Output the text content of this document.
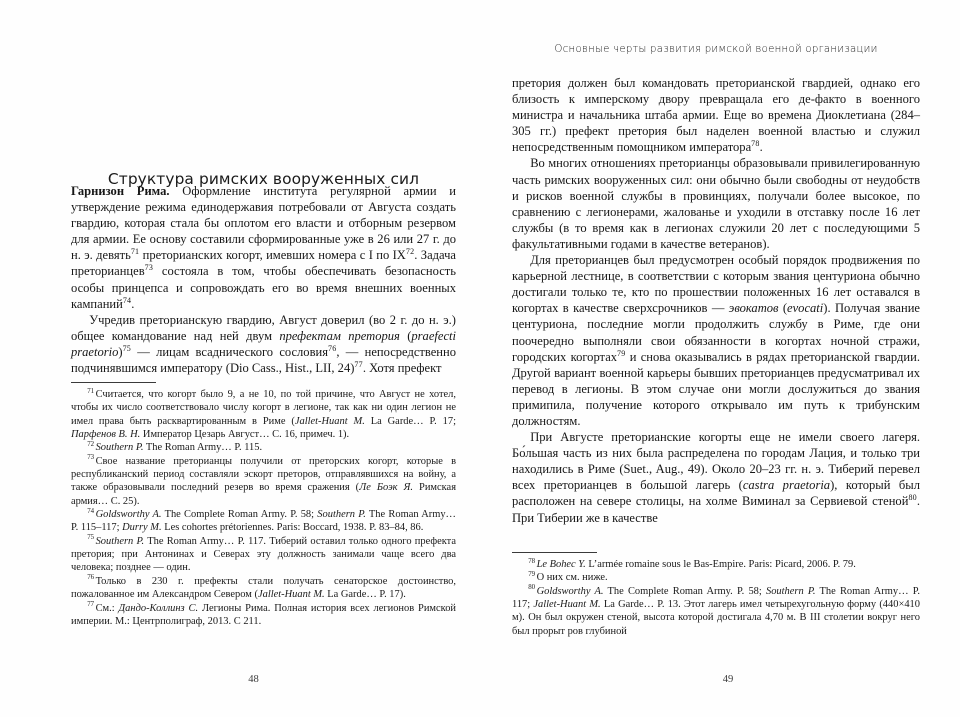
Структура римских вооруженных сил

Гарнизон Рима. Оформление института регулярной армии и утверждение режима единодержавия потребовали от Августа создать гвардию, которая стала бы оплотом его власти и отборным резервом для армии. Ее основу составили сформированные уже в 26 или 27 г. до н. э. девять$^{71}$ преторианских когорт, имевших номера с I по IX$^{72}$. Задача преторианцев$^{73}$ состояла в том, чтобы обеспечивать безопасность особы принцепса и сопровождать его во время внешних военных кампаний$^{74}$.

Учредив преторианскую гвардию, Август доверил (во 2 г. до н. э.) общее командование над ней двум префектам претория (praefecti praetorio)$^{75}$ — лицам всаднического сословия$^{76}$, — непосредственно подчинявшимся императору (Dio Cass., Hist., LII, 24)$^{77}$. Хотя префект

$^{71}$ Считается, что когорт было 9, а не 10, по той причине, что Август не хотел, чтобы их число соответствовало числу когорт в легионе, так как ни один легион не имел права быть расквартированным в Риме (Jallet-Huant M. La Garde… P. 17; Парфенов В. Н. Император Цезарь Август… С. 16, примеч. 1).

$^{72}$ Southern P. The Roman Army… P. 115.

$^{73}$ Свое название преторианцы получили от преторских когорт, которые в республиканский период составляли эскорт преторов, отправлявшихся на войну, а также образовывали последний резерв во время сражения (Ле Боэк Я. Римская армия… С. 25).

$^{74}$ Goldsworthy A. The Complete Roman Army. P. 58; Southern P. The Roman Army… P. 115–117; Durry M. Les cohortes prétoriennes. Paris: Boccard, 1938. P. 83–84, 86.

$^{75}$ Southern P. The Roman Army… P. 117. Тиберий оставил только одного префекта претория; при Антонинах и Северах эту должность занимали чаще всего два человека; позднее — один.

$^{76}$ Только в 230 г. префекты стали получать сенаторское достоинство, пожалованное им Александром Севером (Jallet-Huant M. La Garde… P. 17).

$^{77}$ См.: Дандо-Коллинз С. Легионы Рима. Полная история всех легионов Римской империи. М.: Центрполиграф, 2013. С 211.

48
Основные черты развития римской военной организации

претория должен был командовать преторианской гвардией, однако его близость к имперскому двору превращала его де-факто в военного министра и начальника штаба армии. Еще во времена Диоклетиана (284–305 гг.) префект претория был наделен военной властью и служил непосредственным помощником императора$^{78}$.

Во многих отношениях преторианцы образовывали привилегированную часть римских вооруженных сил: они обычно были свободны от неудобств и рисков военной службы в провинциях, получали более высокое, по сравнению с легионерами, жалованье и уходили в отставку после 16 лет службы (в то время как в легионах служили 20 лет с последующими 5 факультативными годами в качестве ветеранов).

Для преторианцев был предусмотрен особый порядок продвижения по карьерной лестнице, в соответствии с которым звания центуриона обычно достигали только те, кто по прошествии положенных 16 лет оставался в когортах в качестве сверхсрочников — эвокатов (evocati). Получая звание центуриона, последние могли продолжить службу в Риме, где они поочередно выполняли свои обязанности в когортах ночной стражи, городских когортах$^{79}$ и снова оказывались в рядах преторианской гвардии. Другой вариант военной карьеры бывших преторианцев предусматривал их перевод в легионы. В этом случае они могли дослужиться до звания примипила, получение которого открывало им путь к трибунским должностям.

При Августе преторианские когорты еще не имели своего лагеря. Бо́льшая часть из них была распределена по городам Лация, и только три находились в Риме (Suet., Aug., 49). Около 20–23 гг. н. э. Тиберий перевел всех преторианцев в большой лагерь (castra praetoria), который был расположен на севере столицы, на холме Виминал за Сервиевой стеной$^{80}$. При Тиберии же в качестве

$^{78}$ Le Bohec Y. L’armée romaine sous le Bas-Empire. Paris: Picard, 2006. P. 79.

$^{79}$ О них см. ниже.

$^{80}$ Goldsworthy A. The Complete Roman Army. P. 58; Southern P. The Roman Army… P. 117; Jallet-Huant M. La Garde… P. 13. Этот лагерь имел четырехугольную форму (440×410 м). Он был окружен стеной, высота которой достигала 4,70 м. В III столетии вокруг него был прорыт ров глубиной

49
